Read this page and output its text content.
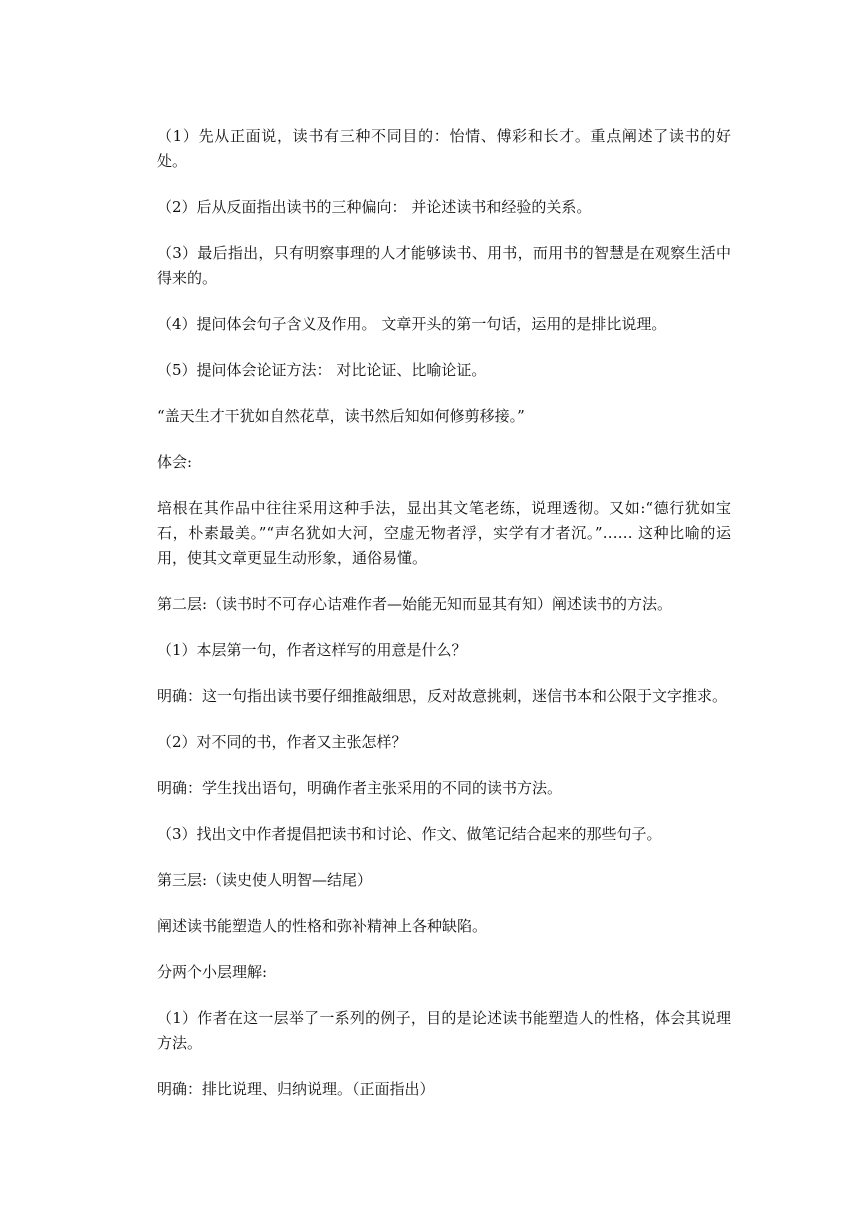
（1）先从正面说，读书有三种不同目的：怡情、傅彩和长才。重点阐述了读书的好处。

（2）后从反面指出读书的三种偏向： 并论述读书和经验的关系。

（3）最后指出，只有明察事理的人才能够读书、用书，而用书的智慧是在观察生活中得来的。

（4）提问体会句子含义及作用。 文章开头的第一句话，运用的是排比说理。

（5）提问体会论证方法： 对比论证、比喻论证。

“盖天生才干犹如自然花草，读书然后知如何修剪移接。”

体会:

培根在其作品中往往采用这种手法，显出其文笔老练，说理透彻。又如:“德行犹如宝石，朴素最美。”“声名犹如大河，空虚无物者浮，实学有才者沉。”…… 这种比喻的运用，使其文章更显生动形象，通俗易懂。

第二层:（读书时不可存心诘难作者—始能无知而显其有知）阐述读书的方法。

（1）本层第一句，作者这样写的用意是什么？

明确：这一句指出读书要仔细推敲细思，反对故意挑刺，迷信书本和公限于文字推求。

（2）对不同的书，作者又主张怎样？

明确：学生找出语句，明确作者主张采用的不同的读书方法。

（3）找出文中作者提倡把读书和讨论、作文、做笔记结合起来的那些句子。

第三层:（读史使人明智—结尾）

阐述读书能塑造人的性格和弥补精神上各种缺陷。

分两个小层理解:

（1）作者在这一层举了一系列的例子，目的是论述读书能塑造人的性格，体会其说理方法。

明确：排比说理、归纳说理。（正面指出）
